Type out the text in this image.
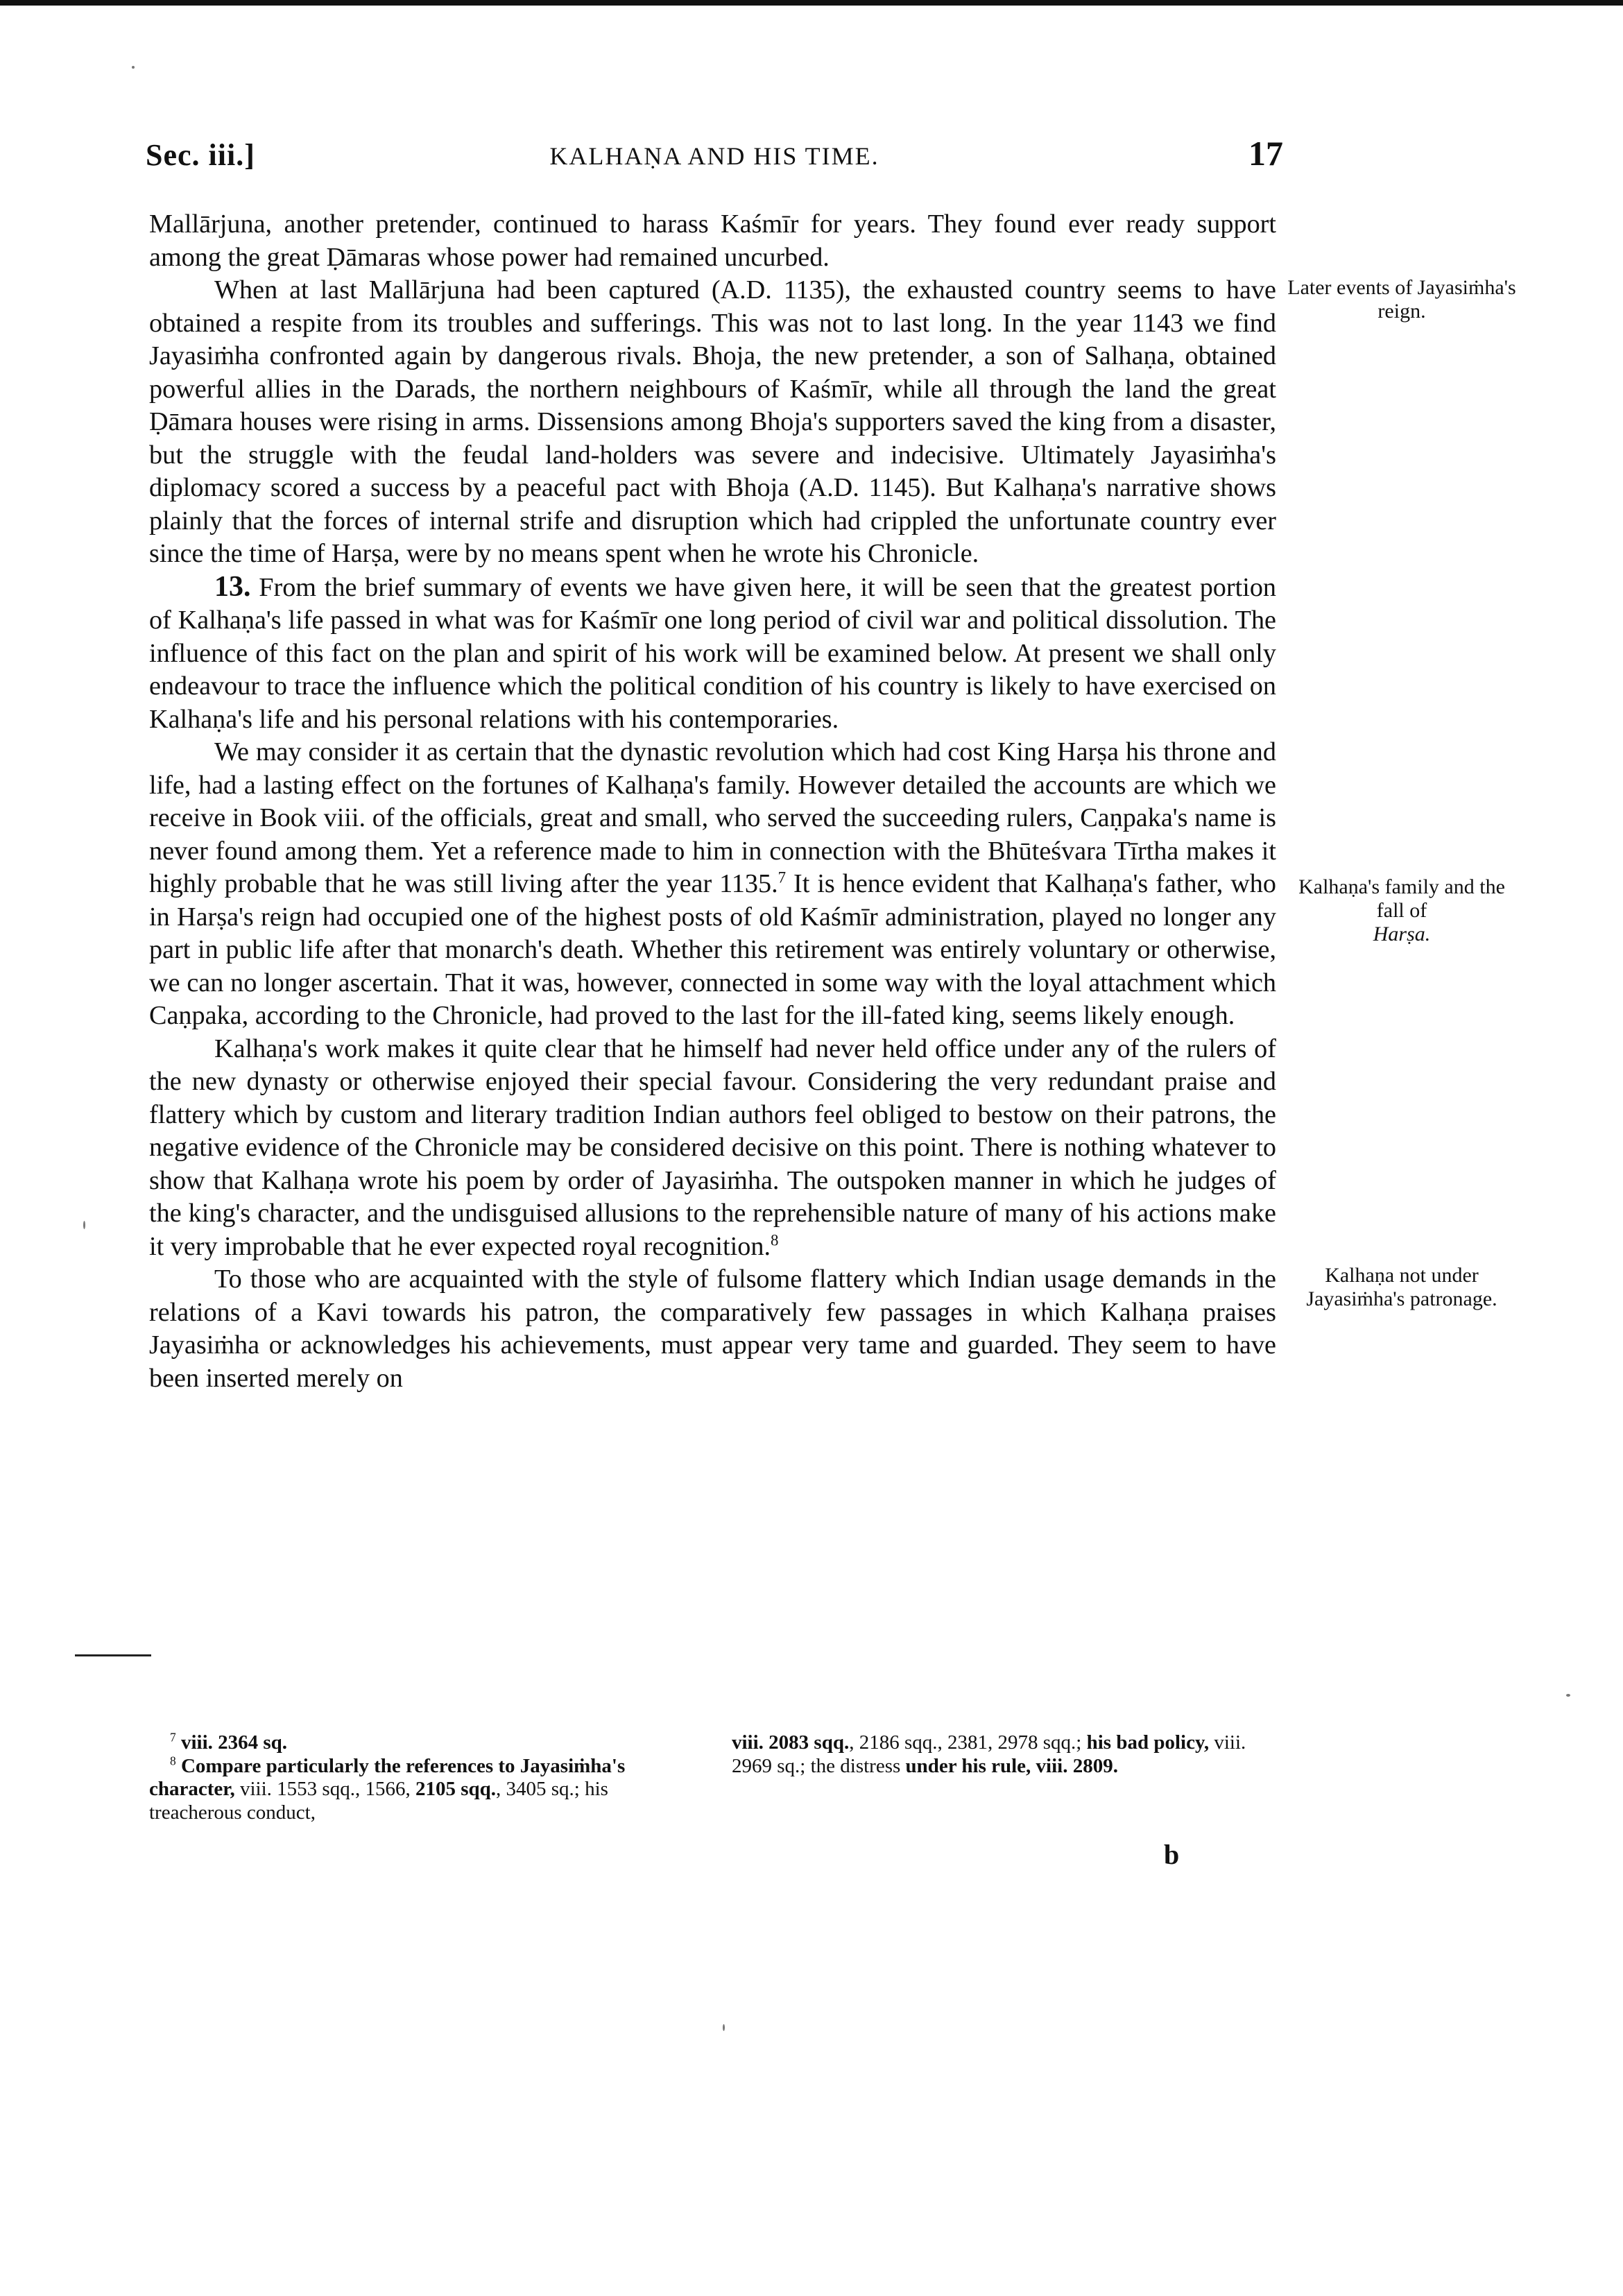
Sec. iii.]	KALHAṆA AND HIS TIME.	17

Mallārjuna, another pretender, continued to harass Kaśmīr for years. They found ever ready support among the great Ḍāmaras whose power had remained uncurbed.

When at last Mallārjuna had been captured (A.D. 1135), the exhausted country seems to have obtained a respite from its troubles and sufferings. This was not to last long. In the year 1143 we find Jayasiṁha confronted again by dangerous rivals. Bhoja, the new pretender, a son of Salhaṇa, obtained powerful allies in the Darads, the northern neighbours of Kaśmīr, while all through the land the great Ḍāmara houses were rising in arms. Dissensions among Bhoja's supporters saved the king from a disaster, but the struggle with the feudal land-holders was severe and indecisive. Ultimately Jayasiṁha's diplomacy scored a success by a peaceful pact with Bhoja (A.D. 1145). But Kalhaṇa's narrative shows plainly that the forces of internal strife and disruption which had crippled the unfortunate country ever since the time of Harṣa, were by no means spent when he wrote his Chronicle.

13. From the brief summary of events we have given here, it will be seen that the greatest portion of Kalhaṇa's life passed in what was for Kaśmīr one long period of civil war and political dissolution. The influence of this fact on the plan and spirit of his work will be examined below. At present we shall only endeavour to trace the influence which the political condition of his country is likely to have exercised on Kalhaṇa's life and his personal relations with his contemporaries.

We may consider it as certain that the dynastic revolution which had cost King Harṣa his throne and life, had a lasting effect on the fortunes of Kalhaṇa's family. However detailed the accounts are which we receive in Book viii. of the officials, great and small, who served the succeeding rulers, Caṇpaka's name is never found among them. Yet a reference made to him in connection with the Bhūteśvara Tīrtha makes it highly probable that he was still living after the year 1135.$^7$ It is hence evident that Kalhaṇa's father, who in Harṣa's reign had occupied one of the highest posts of old Kaśmīr administration, played no longer any part in public life after that monarch's death. Whether this retirement was entirely voluntary or otherwise, we can no longer ascertain. That it was, however, connected in some way with the loyal attachment which Caṇpaka, according to the Chronicle, had proved to the last for the ill-fated king, seems likely enough.

Kalhaṇa's work makes it quite clear that he himself had never held office under any of the rulers of the new dynasty or otherwise enjoyed their special favour. Considering the very redundant praise and flattery which by custom and literary tradition Indian authors feel obliged to bestow on their patrons, the negative evidence of the Chronicle may be considered decisive on this point. There is nothing whatever to show that Kalhaṇa wrote his poem by order of Jayasiṁha. The outspoken manner in which he judges of the king's character, and the undisguised allusions to the reprehensible nature of many of his actions make it very improbable that he ever expected royal recognition.$^8$

To those who are acquainted with the style of fulsome flattery which Indian usage demands in the relations of a Kavi towards his patron, the comparatively few passages in which Kalhaṇa praises Jayasiṁha or acknowledges his achievements, must appear very tame and guarded. They seem to have been inserted merely on

Later events of Jayasiṁha's reign.
Kalhaṇa's family and the fall of
Harṣa.
Kalhaṇa not under Jayasiṁha's patronage.

$^7$ viii. 2364 sq.

$^8$ Compare particularly the references to Jayasiṁha's character, viii. 1553 sqq., 1566, 2105 sqq., 3405 sq.; his treacherous conduct,

viii. 2083 sqq., 2186 sqq., 2381, 2978 sqq.; his bad policy, viii. 2969 sq.; the distress under his rule, viii. 2809.

b
